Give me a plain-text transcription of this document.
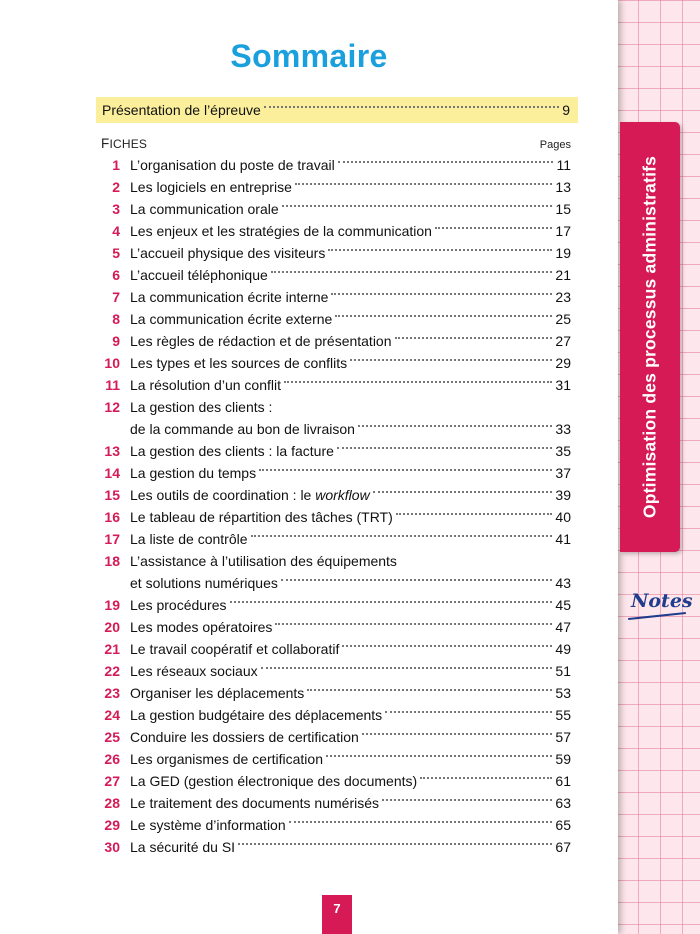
Sommaire
Présentation de l’épreuve	9
FICHES	Pages
1 L’organisation du poste de travail	11
2 Les logiciels en entreprise	13
3 La communication orale	15
4 Les enjeux et les stratégies de la communication	17
5 L’accueil physique des visiteurs	19
6 L’accueil téléphonique	21
7 La communication écrite interne	23
8 La communication écrite externe	25
9 Les règles de rédaction et de présentation	27
10 Les types et les sources de conflits	29
11 La résolution d’un conflit	31
12 La gestion des clients :
de la commande au bon de livraison	33
13 La gestion des clients : la facture	35
14 La gestion du temps	37
15 Les outils de coordination : le workflow	39
16 Le tableau de répartition des tâches (TRT)	40
17 La liste de contrôle	41
18 L’assistance à l’utilisation des équipements
et solutions numériques	43
19 Les procédures	45
20 Les modes opératoires	47
21 Le travail coopératif et collaboratif	49
22 Les réseaux sociaux	51
23 Organiser les déplacements	53
24 La gestion budgétaire des déplacements	55
25 Conduire les dossiers de certification	57
26 Les organismes de certification	59
27 La GED (gestion électronique des documents)	61
28 Le traitement des documents numérisés	63
29 Le système d’information	65
30 La sécurité du SI	67
Optimisation des processus administratifs
Notes
7
